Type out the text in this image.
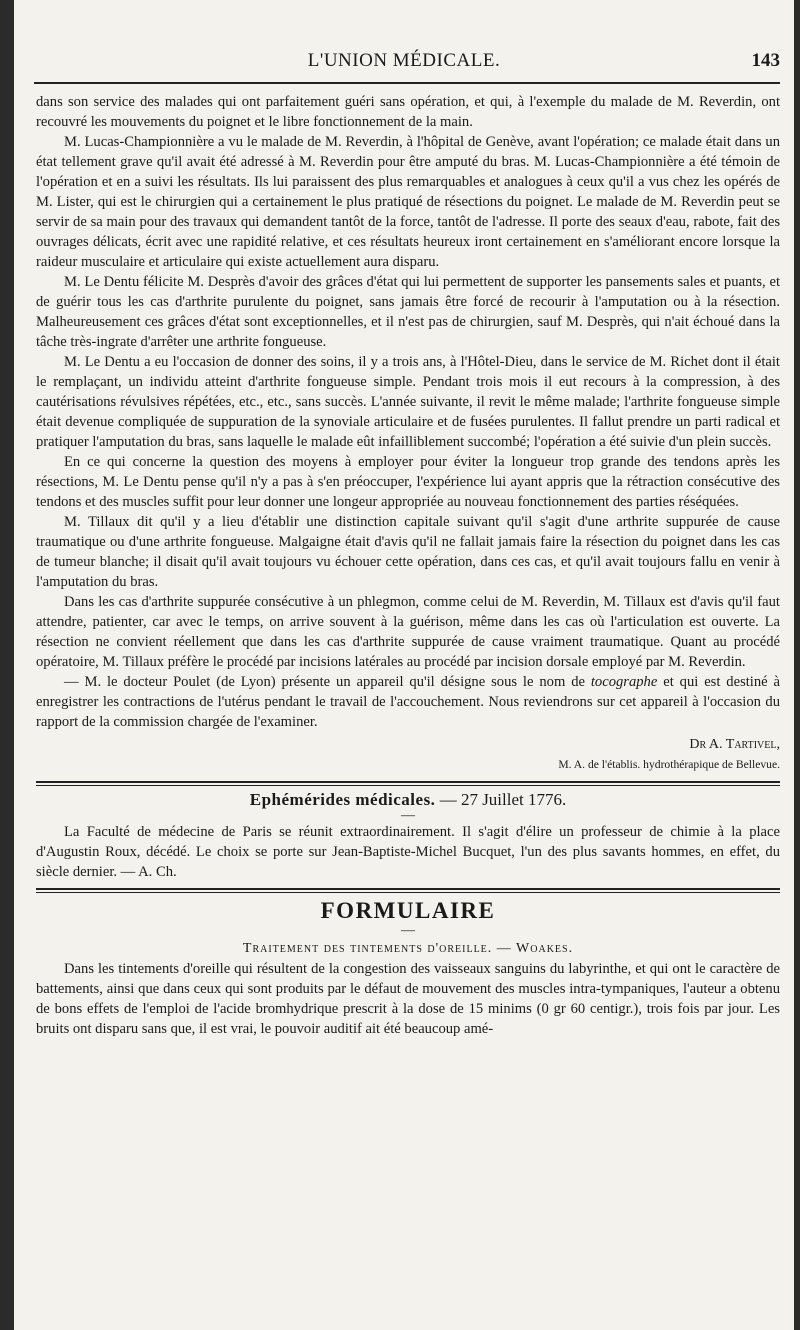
L'UNION MÉDICALE.	143

dans son service des malades qui ont parfaitement guéri sans opération, et qui, à l'exemple du malade de M. Reverdin, ont recouvré les mouvements du poignet et le libre fonctionnement de la main.

M. Lucas-Championnière a vu le malade de M. Reverdin, à l'hôpital de Genève, avant l'opération; ce malade était dans un état tellement grave qu'il avait été adressé à M. Reverdin pour être amputé du bras. M. Lucas-Championnière a été témoin de l'opération et en a suivi les résultats. Ils lui paraissent des plus remarquables et analogues à ceux qu'il a vus chez les opérés de M. Lister, qui est le chirurgien qui a certainement le plus pratiqué de résections du poignet. Le malade de M. Reverdin peut se servir de sa main pour des travaux qui demandent tantôt de la force, tantôt de l'adresse. Il porte des seaux d'eau, rabote, fait des ouvrages délicats, écrit avec une rapidité relative, et ces résultats heureux iront certainement en s'améliorant encore lorsque la raideur musculaire et articulaire qui existe actuellement aura disparu.

M. Le Dentu félicite M. Desprès d'avoir des grâces d'état qui lui permettent de supporter les pansements sales et puants, et de guérir tous les cas d'arthrite purulente du poignet, sans jamais être forcé de recourir à l'amputation ou à la résection. Malheureusement ces grâces d'état sont exceptionnelles, et il n'est pas de chirurgien, sauf M. Desprès, qui n'ait échoué dans la tâche très-ingrate d'arrêter une arthrite fongueuse.

M. Le Dentu a eu l'occasion de donner des soins, il y a trois ans, à l'Hôtel-Dieu, dans le service de M. Richet dont il était le remplaçant, un individu atteint d'arthrite fongueuse simple. Pendant trois mois il eut recours à la compression, à des cautérisations révulsives répétées, etc., etc., sans succès. L'année suivante, il revit le même malade; l'arthrite fongueuse simple était devenue compliquée de suppuration de la synoviale articulaire et de fusées purulentes. Il fallut prendre un parti radical et pratiquer l'amputation du bras, sans laquelle le malade eût infailliblement succombé; l'opération a été suivie d'un plein succès.

En ce qui concerne la question des moyens à employer pour éviter la longueur trop grande des tendons après les résections, M. Le Dentu pense qu'il n'y a pas à s'en préoccuper, l'expérience lui ayant appris que la rétraction consécutive des tendons et des muscles suffit pour leur donner une longeur appropriée au nouveau fonctionnement des parties réséquées.

M. Tillaux dit qu'il y a lieu d'établir une distinction capitale suivant qu'il s'agit d'une arthrite suppurée de cause traumatique ou d'une arthrite fongueuse. Malgaigne était d'avis qu'il ne fallait jamais faire la résection du poignet dans les cas de tumeur blanche; il disait qu'il avait toujours vu échouer cette opération, dans ces cas, et qu'il avait toujours fallu en venir à l'amputation du bras.

Dans les cas d'arthrite suppurée consécutive à un phlegmon, comme celui de M. Reverdin, M. Tillaux est d'avis qu'il faut attendre, patienter, car avec le temps, on arrive souvent à la guérison, même dans les cas où l'articulation est ouverte. La résection ne convient réellement que dans les cas d'arthrite suppurée de cause vraiment traumatique. Quant au procédé opératoire, M. Tillaux préfère le procédé par incisions latérales au procédé par incision dorsale employé par M. Reverdin.

— M. le docteur Poulet (de Lyon) présente un appareil qu'il désigne sous le nom de tocographe et qui est destiné à enregistrer les contractions de l'utérus pendant le travail de l'accouchement. Nous reviendrons sur cet appareil à l'occasion du rapport de la commission chargée de l'examiner.

Dr A. Tartivel,
M. A. de l'établis. hydrothérapique de Bellevue.
Ephémérides médicales. — 27 Juillet 1776.
—

La Faculté de médecine de Paris se réunit extraordinairement. Il s'agit d'élire un professeur de chimie à la place d'Augustin Roux, décédé. Le choix se porte sur Jean-Baptiste-Michel Bucquet, l'un des plus savants hommes, en effet, du siècle dernier. — A. Ch.

FORMULAIRE
—
Traitement des tintements d'oreille. — Woakes.

Dans les tintements d'oreille qui résultent de la congestion des vaisseaux sanguins du labyrinthe, et qui ont le caractère de battements, ainsi que dans ceux qui sont produits par le défaut de mouvement des muscles intra-tympaniques, l'auteur a obtenu de bons effets de l'emploi de l'acide bromhydrique prescrit à la dose de 15 minims (0 gr 60 centigr.), trois fois par jour. Les bruits ont disparu sans que, il est vrai, le pouvoir auditif ait été beaucoup amé-
